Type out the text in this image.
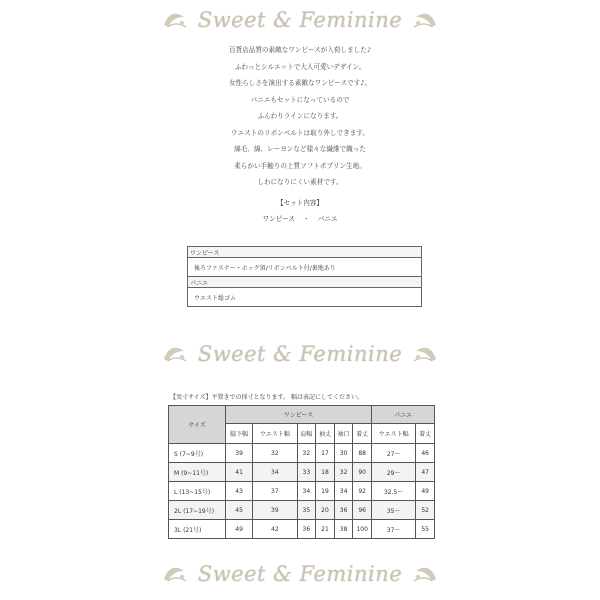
Sweet & Feminine
百貨店品質の素敵なワンピースが入荷しました♪
ふわっとシルエットで大人可愛いデザイン。
女性らしさを演出する素敵なワンピースです♪。
パニエもセットになっているので
ふんわりラインになります。
ウエストのリボンベルトは取り外しできます。
綿毛、綿、レーヨンなど様々な繊維で織った
柔らかい手触りの上質ソフトポプリン生地。
しわになりにくい素材です。
【セット内容】
ワンピース ・ パニエ
ワンピース
後ろファスナー・ホック留/リボンベルト付/裏地あり
パニエ
ウエスト総ゴム
Sweet & Feminine
【実寸サイズ】平置きでの採寸となります。 幅は表記にしてください。
サイズ	ワンピース						パニエ	
	脇下幅	ウエスト幅	肩幅	袖丈	袖口	着丈	ウエスト幅	着丈
S (7~9号)	39	32	32	17	30	88	27～	46
M (9~11号)	41	34	33	18	32	90	29～	47
L (13~15号)	43	37	34	19	34	92	32.5～	49
2L (17~19号)	45	39	35	20	36	96	35～	52
3L (21号)	49	42	36	21	38	100	37～	55
Sweet & Feminine
